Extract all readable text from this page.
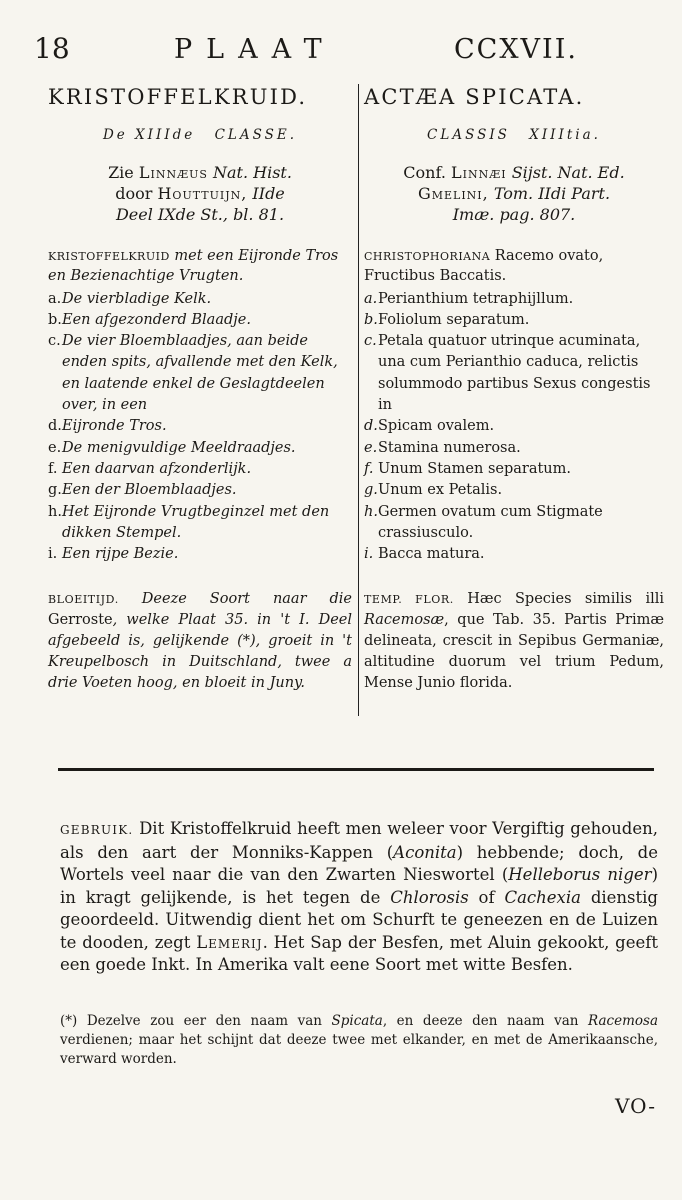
18	PLAAT	CCXVII.
KRISTOFFELKRUID.
De XIIIde CLASSE.
Zie Linnæus Nat. Hist.
door Houttuijn, IIde
Deel IXde St., bl. 81.
KRISTOFFELKRUID met een Eijronde Tros en Bezienachtige Vrugten.
a. De vierbladige Kelk.
b. Een afgezonderd Blaadje.
c. De vier Bloemblaadjes, aan beide enden spits, afvallende met den Kelk, en laatende enkel de Geslagtdeelen over, in een
d. Eijronde Tros.
e. De menigvuldige Meeldraadjes.
f. Een daarvan afzonderlijk.
g. Een der Bloemblaadjes.
h. Het Eijronde Vrugtbeginzel met den dikken Stempel.
i. Een rijpe Bezie.
BLOEITIJD. Deeze Soort naar die Gerroste, welke Plaat 35. in 't I. Deel afgebeeld is, gelijkende (*), groeit in 't Kreupelbosch in Duitschland, twee a drie Voeten hoog, en bloeit in Juny.
ACTÆA SPICATA.
CLASSIS XIIItia.
Conf. Linnæi Sijst. Nat. Ed.
Gmelini, Tom. IIdi Part.
Imæ. pag. 807.
CHRISTOPHORIANA Racemo ovato, Fructibus Baccatis.
a. Perianthium tetraphijllum.
b. Foliolum separatum.
c. Petala quatuor utrinque acuminata, una cum Perianthio caduca, relictis solummodo partibus Sexus congestis in
d. Spicam ovalem.
e. Stamina numerosa.
f. Unum Stamen separatum.
g. Unum ex Petalis.
h. Germen ovatum cum Stigmate crassiusculo.
i. Bacca matura.
TEMP. FLOR. Hæc Species similis illi Racemosæ, que Tab. 35. Partis Primæ delineata, crescit in Sepibus Germaniæ, altitudine duorum vel trium Pedum, Mense Junio florida.
GEBRUIK. Dit Kristoffelkruid heeft men weleer voor Vergiftig gehouden, als den aart der Monniks-Kappen (Aconita) hebbende; doch, de Wortels veel naar die van den Zwarten Nieswortel (Helleborus niger) in kragt gelijkende, is het tegen de Chlorosis of Cachexia dienstig geoordeeld. Uitwendig dient het om Schurft te geneezen en de Luizen te dooden, zegt Lemerij. Het Sap der Besfen, met Aluin gekookt, geeft een goede Inkt. In Amerika valt eene Soort met witte Besfen.
(*) Dezelve zou eer den naam van Spicata, en deeze den naam van Racemosa verdienen; maar het schijnt dat deeze twee met elkander, en met de Amerikaansche, verward worden.
VO-
